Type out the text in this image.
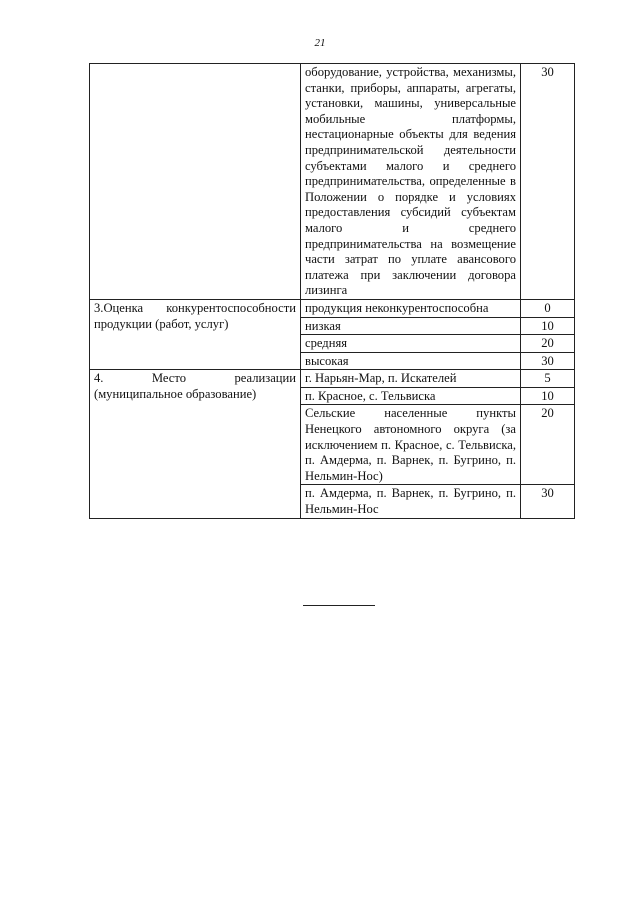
21
	оборудование, устройства, механизмы, станки, приборы, аппараты, агрегаты, установки, машины, универсальные мобильные платформы, нестационарные объекты для ведения предпринимательской деятельности субъектами малого и среднего предпринимательства, определенные в Положении о порядке и условиях предоставления субсидий субъектам малого и среднего предпринимательства на возмещение части затрат по уплате авансового платежа при заключении договора лизинга	30
3.Оценка конкурентоспособности продукции (работ, услуг)	продукция неконкурентоспособна	0
	низкая	10
	средняя	20
	высокая	30
4. Место реализации (муниципальное образование)	г. Нарьян-Мар, п. Искателей	5
	п. Красное, с. Тельвиска	10
	Сельские населенные пункты Ненецкого автономного округа (за исключением п. Красное, с. Тельвиска, п. Амдерма, п. Варнек, п. Бугрино, п. Нельмин-Нос)	20
	п. Амдерма, п. Варнек, п. Бугрино, п. Нельмин-Нос	30
